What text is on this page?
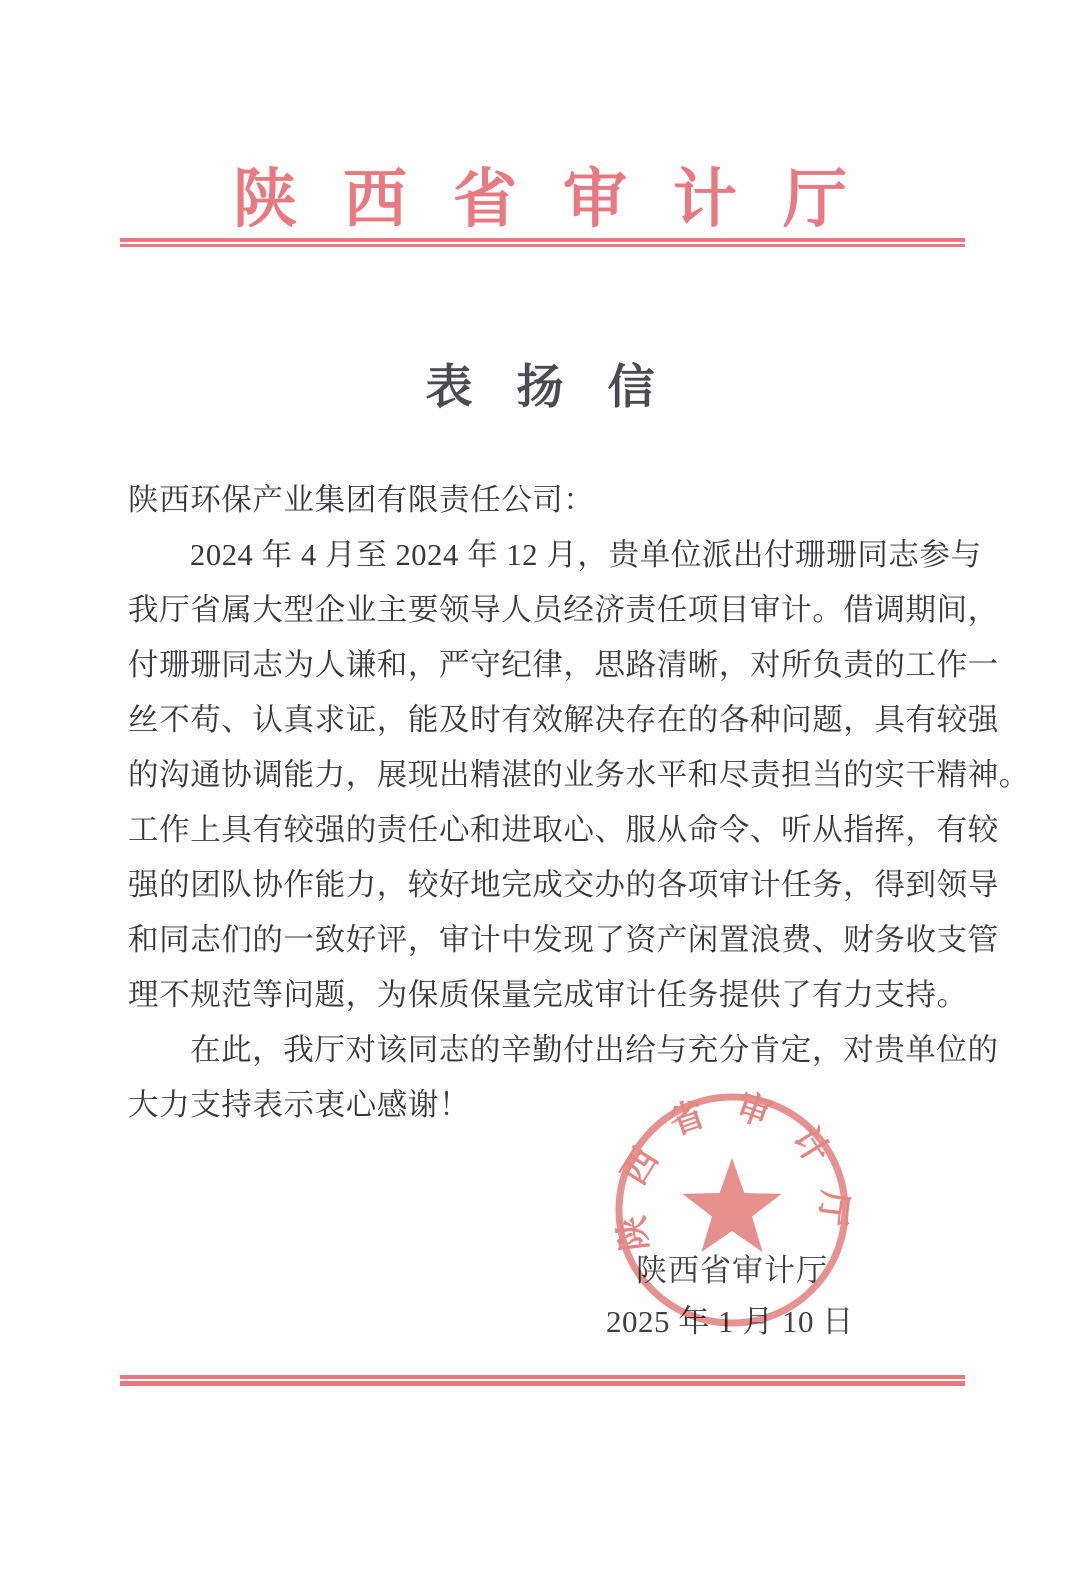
陕西省审计厅
表扬信
陕西环保产业集团有限责任公司：
2024 年 4 月至 2024 年 12 月，贵单位派出付珊珊同志参与
我厅省属大型企业主要领导人员经济责任项目审计。借调期间，
付珊珊同志为人谦和，严守纪律，思路清晰，对所负责的工作一
丝不苟、认真求证，能及时有效解决存在的各种问题，具有较强
的沟通协调能力，展现出精湛的业务水平和尽责担当的实干精神。
工作上具有较强的责任心和进取心、服从命令、听从指挥，有较
强的团队协作能力，较好地完成交办的各项审计任务，得到领导
和同志们的一致好评，审计中发现了资产闲置浪费、财务收支管
理不规范等问题，为保质保量完成审计任务提供了有力支持。
在此，我厅对该同志的辛勤付出给与充分肯定，对贵单位的
大力支持表示衷心感谢！
陕西省审计厅
2025 年 1 月 10 日
陕西省审计厅
